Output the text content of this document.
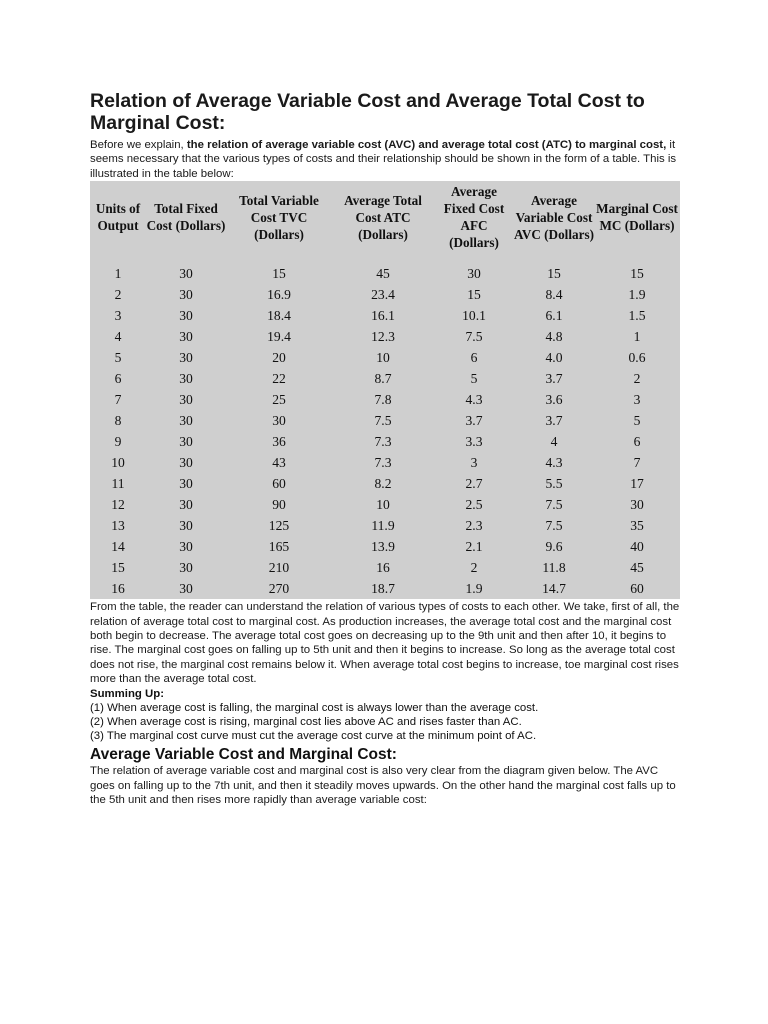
Relation of Average Variable Cost and Average Total Cost to Marginal Cost:

Before we explain, the relation of average variable cost (AVC) and average total cost (ATC) to marginal cost, it seems necessary that the various types of costs and their relationship should be shown in the form of a table. This is illustrated in the table below:

Units of Output	Total Fixed Cost (Dollars)	Total Variable Cost TVC (Dollars)	Average Total Cost ATC (Dollars)	Average Fixed Cost AFC (Dollars)	Average Variable Cost AVC (Dollars)	Marginal Cost MC (Dollars)
1	30	15	45	30	15	15
2	30	16.9	23.4	15	8.4	1.9
3	30	18.4	16.1	10.1	6.1	1.5
4	30	19.4	12.3	7.5	4.8	1
5	30	20	10	6	4.0	0.6
6	30	22	8.7	5	3.7	2
7	30	25	7.8	4.3	3.6	3
8	30	30	7.5	3.7	3.7	5
9	30	36	7.3	3.3	4	6
10	30	43	7.3	3	4.3	7
11	30	60	8.2	2.7	5.5	17
12	30	90	10	2.5	7.5	30
13	30	125	11.9	2.3	7.5	35
14	30	165	13.9	2.1	9.6	40
15	30	210	16	2	11.8	45
16	30	270	18.7	1.9	14.7	60

From the table, the reader can understand the relation of various types of costs to each other. We take, first of all, the relation of average total cost to marginal cost. As production increases, the average total cost and the marginal cost both begin to decrease. The average total cost goes on decreasing up to the 9th unit and then after 10, it begins to rise. The marginal cost goes on falling up to 5th unit and then it begins to increase. So long as the average total cost does not rise, the marginal cost remains below it. When average total cost begins to increase, toe marginal cost rises more than the average total cost.

Summing Up:

(1) When average cost is falling, the marginal cost is always lower than the average cost.

(2) When average cost is rising, marginal cost lies above AC and rises faster than AC.

(3) The marginal cost curve must cut the average cost curve at the minimum point of AC.

Average Variable Cost and Marginal Cost:

The relation of average variable cost and marginal cost is also very clear from the diagram given below. The AVC goes on falling up to the 7th unit, and then it steadily moves upwards. On the other hand the marginal cost falls up to the 5th unit and then rises more rapidly than average variable cost:
